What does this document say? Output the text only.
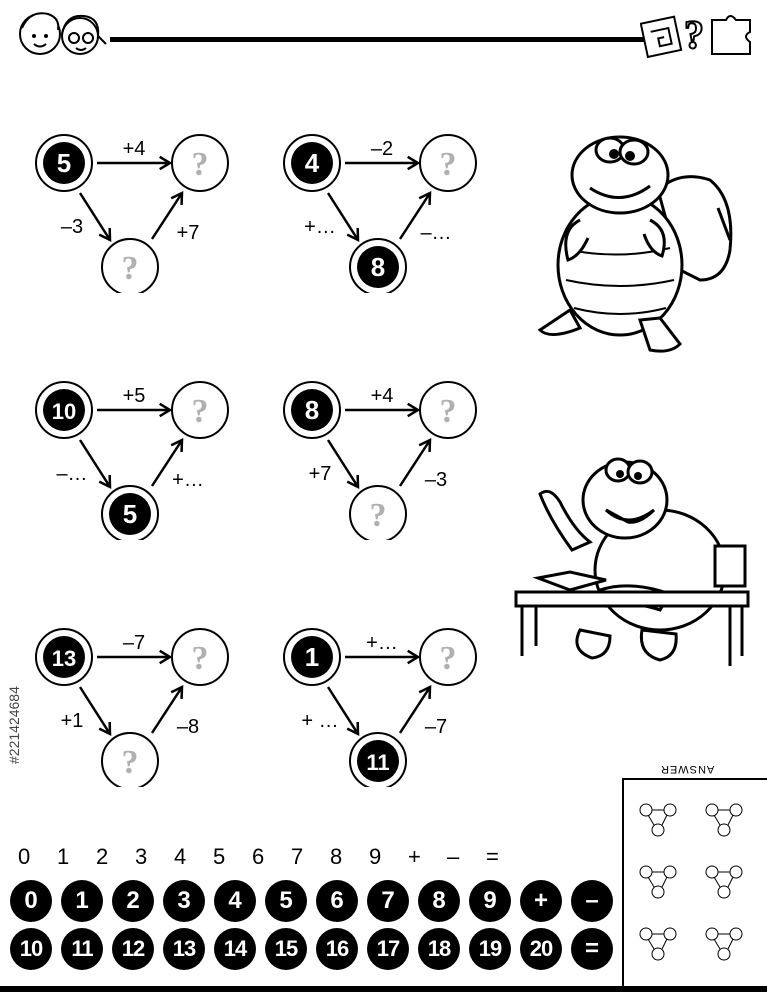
?
5	?
?
+4
–3	+7
4	?
8
–2
+…	–…
10	?
5
+5
–…	+…
8	?
?
+4
+7	–3
13	?
?
–7
+1	–8
1	?
11
+…
+ …	–7
0 1 2 3 4 5 6 7 8 9 + – =
0	1	2	3	4	5	6	7	8	9	+	–
10	11	12	13	14	15	16	17	18	19	20	=
ANSWER
#221424684
